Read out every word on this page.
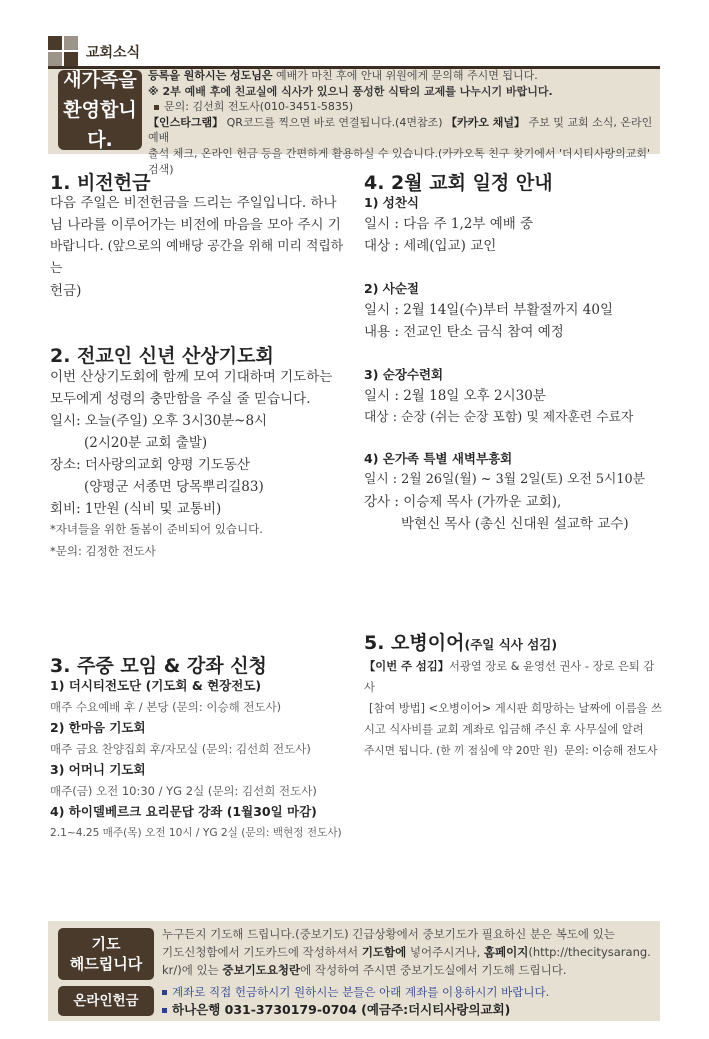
교회소식
새가족을
환영합니다.
등록을 원하시는 성도님은 예배가 마친 후에 안내 위원에게 문의해 주시면 됩니다.
※ 2부 예배 후에 친교실에 식사가 있으니 풍성한 식탁의 교제를 나누시기 바랍니다.
문의: 김선희 전도사(010-3451-5835)
【인스타그램】 QR코드를 찍으면 바로 연결됩니다.(4면참조) 【카카오 채널】 주보 및 교회 소식, 온라인 예배
출석 체크, 온라인 헌금 등을 간편하게 활용하실 수 있습니다.(카카오톡 친구 찾기에서 '더시티사랑의교회' 검색)
1. 비전헌금
다음 주일은 비전헌금을 드리는 주일입니다. 하나
님 나라를 이루어가는 비전에 마음을 모아 주시 기
바랍니다. (앞으로의 예배당 공간을 위해 미리 적립하는
헌금)
2. 전교인 신년 산상기도회
이번 산상기도회에 함께 모여 기대하며 기도하는
모두에게 성령의 충만함을 주실 줄 믿습니다.
일시: 오늘(주일) 오후 3시30분~8시
(2시20분 교회 출발)
장소: 더사랑의교회 양평 기도동산
(양평군 서종면 당목뿌리길83)
회비: 1만원 (식비 및 교통비)
*자녀들을 위한 돌봄이 준비되어 있습니다.
*문의: 김정한 전도사
3. 주중 모임 & 강좌 신청
1) 더시티전도단 (기도회 & 현장전도)
매주 수요예배 후 / 본당 (문의: 이승해 전도사)
2) 한마음 기도회
매주 금요 찬양집회 후/자모실 (문의: 김선희 전도사)
3) 어머니 기도회
매주(금) 오전 10:30 / YG 2실 (문의: 김선희 전도사)
4) 하이델베르크 요리문답 강좌 (1월30일 마감)
2.1~4.25 매주(목) 오전 10시 / YG 2실 (문의: 백현정 전도사)
4. 2월 교회 일정 안내
1) 성찬식
일시 : 다음 주 1,2부 예배 중
대상 : 세례(입교) 교인
2) 사순절
일시 : 2월 14일(수)부터 부활절까지 40일
내용 : 전교인 탄소 금식 참여 예정
3) 순장수련회
일시 : 2월 18일 오후 2시30분
대상 : 순장 (쉬는 순장 포함) 및 제자훈련 수료자
4) 온가족 특별 새벽부흥회
일시 : 2월 26일(월) ~ 3월 2일(토) 오전 5시10분
강사 : 이승제 목사 (가까운 교회),
박현신 목사 (총신 신대원 설교학 교수)
5. 오병이어(주일 식사 섬김)
【이번 주 섬김】서광열 장로 & 윤영선 권사 - 장로 은퇴 감사
[참여 방법] <오병이어> 게시판 희망하는 날짜에 이름을 쓰
시고 식사비를 교회 계좌로 입금해 주신 후 사무실에 알려
주시면 됩니다. (한 끼 점심에 약 20만 원) 문의: 이승해 전도사
기도
해드립니다
온라인헌금
누구든지 기도해 드립니다.(중보기도) 긴급상황에서 중보기도가 필요하신 분은 복도에 있는
기도신청함에서 기도카드에 작성하셔서 기도함에 넣어주시거나, 홈페이지(http://thecitysarang.
kr/)에 있는 중보기도요청란에 작성하여 주시면 중보기도실에서 기도해 드립니다.
계좌로 직접 헌금하시기 원하시는 분들은 아래 계좌를 이용하시기 바랍니다.
하나은행 031-3730179-0704 (예금주:더시티사랑의교회)
